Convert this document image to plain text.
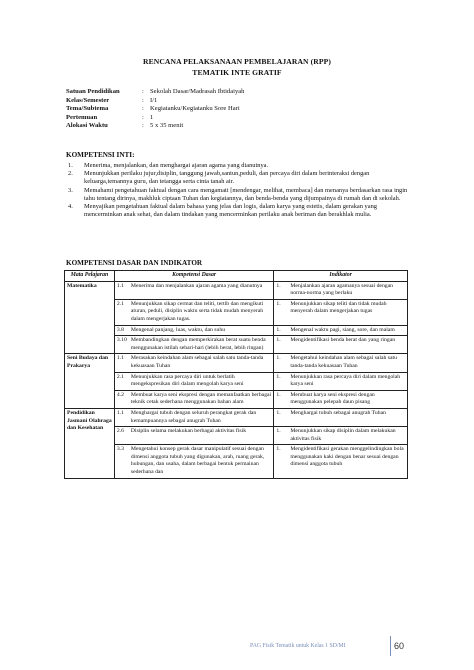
RENCANA PELAKSANAAN PEMBELAJARAN (RPP)
TEMATIK INTE GRATIF
Satuan Pendidikan	: Sekolah Dasar/Madrasah Ibtidaiyah
Kelas/Semester	: I/1
Tema/Subtema	: Kegiatanku/Kegiatanku Sore Hari
Pertemuan	: 1
Alokasi Waktu	: 5 x 35 menit
KOMPETENSI INTI:
1.	Menerima, menjalankan, dan menghargai ajaran agama yang dianutnya.
2.	Menunjukkan perilaku jujur,disiplin, tanggung jawab,santun,peduli, dan percaya diri dalam berinteraksi dengan keluarga,temannya guru, dan tetangga serta cinta tanah air.
3.	Memahami pengetahuan faktual dengan cara mengamati [mendengar, melihat, membaca] dan menanya berdasarkan rasa ingin tahu tentang dirinya, makhluk ciptaan Tuhan dan kegiatannya, dan benda-benda yang dijumpainya di rumah dan di sekolah.
4.	Menyajikan pengetahuan faktual dalam bahasa yang jelas dan logis, dalam karya yang estetis, dalam gerakan yang mencerminkan anak sehat, dan dalam tindakan yang mencerminkan perilaku anak beriman dan berakhlak mulia.
KOMPETENSI DASAR DAN INDIKATOR
Mata Pelajaran	Kompetensi Dasar	Indikator
Matematika	1.1 Menerima dan menjalankan ajaran agama yang dianutnya	1. Menjalankan ajaran agamanya sesuai dengan norma-norma yang berlaku

	2.1 Menunjukkan sikap cermat dan teliti, tertib dan mengikuti aturan, peduli, disiplin waktu serta tidak mudah menyerah dalam mengerjakan tugas.	1. Menunjukkan sikap teliti dan tidak mudah menyerah dalam mengerjakan tugas

	3.8 Mengenal panjang, luas, waktu, dan suhu	1. Mengenal waktu pagi, siang, sore, dan malam

	3.10 Membandingkan dengan memperkirakan berat suatu benda menggunakan istilah sehari-hari (lebih berat, lebih ringan)	1. Mengidentifikasi benda berat dan yang ringan

Seni Budaya dan Prakarya	1.1 Merasakan keindahan alam sebagai salah satu tanda-tanda kekuasaan Tuhan	1. Mengetahui keindahan alam sebagai salah satu tanda-tanda kekuasaan Tuhan

	2.1 Menunjukkan rasa percaya diri untuk berlatih mengekspresikan diri dalam mengolah karya seni	1. Menunjukkan rasa percaya diri dalam mengolah karya seni

	4.2 Membuat karya seni ekspresi dengan memanfaatkan berbagai teknik cetak sederhana menggunakan bahan alam	1. Membuat karya seni ekspresi dengan menggunakan pelepah daun pisang

Pendidikan Jasmani Olahraga dan Kesehatan	1.1 Menghargai tubuh dengan seluruh perangkat gerak dan kemampuannya sebagai anugrah Tuhan	1. Menghargai tubuh sebagai anugrah Tuhan

	2.6 Disiplin selama melakukan berbagai aktivitas fisik	1. Menunjukkan sikap disiplin dalam melakukan aktivitas fisik

	3.3 Mengetahui konsep gerak dasar manipulatif sesuai dengan dimensi anggota tubuh yang digunakan, arah, ruang gerak, hubungan, dan usaha, dalam berbagai bentuk permainan sederhana dan	1. Mengidentifikasi gerakan menggelindingkan bola menggunakan kaki dengan benar sesuai dengan dimensi anggota tubuh
PAG Fisik Tematik untuk Kelas 1 SD/MI	60
